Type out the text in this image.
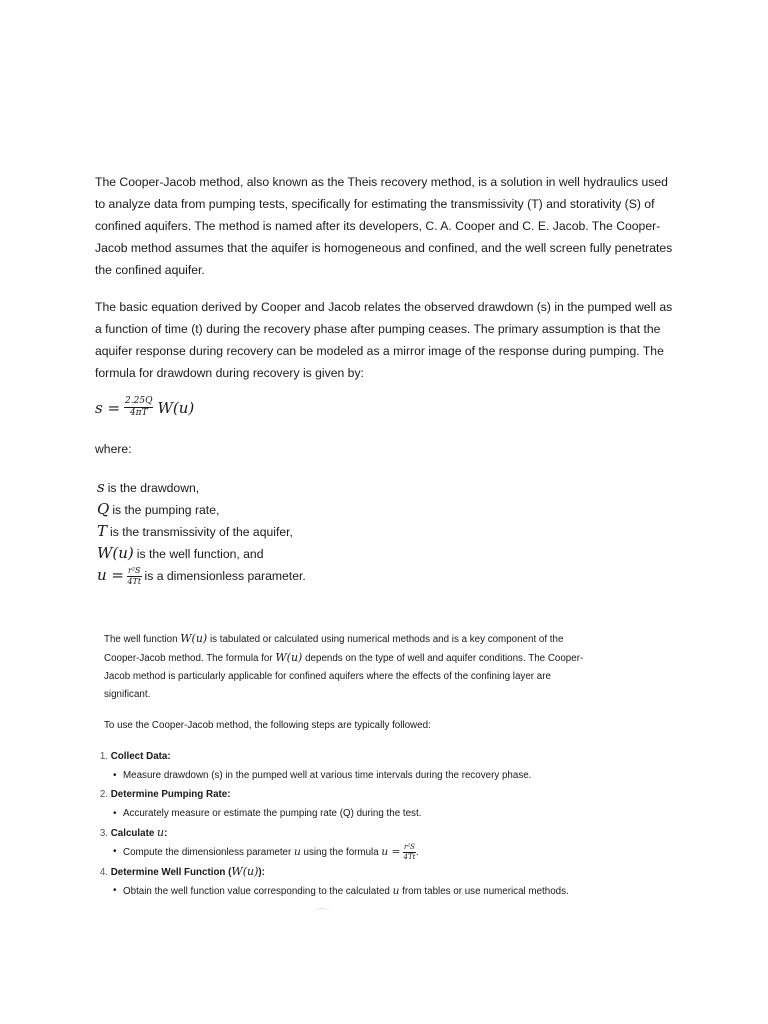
The Cooper-Jacob method, also known as the Theis recovery method, is a solution in well hydraulics used to analyze data from pumping tests, specifically for estimating the transmissivity (T) and storativity (S) of confined aquifers. The method is named after its developers, C. A. Cooper and C. E. Jacob. The Cooper-Jacob method assumes that the aquifer is homogeneous and confined, and the well screen fully penetrates the confined aquifer.

The basic equation derived by Cooper and Jacob relates the observed drawdown (s) in the pumped well as a function of time (t) during the recovery phase after pumping ceases. The primary assumption is that the aquifer response during recovery can be modeled as a mirror image of the response during pumping. The formula for drawdown during recovery is given by:

$s = \frac{2.25Q}{4\pi T} W(u)$
where:
s is the drawdown,
Q is the pumping rate,
T is the transmissivity of the aquifer,
W(u) is the well function, and
$u = \frac{\text{r²S}}{4Tt}$ is a dimensionless parameter.

The well function W(u) is tabulated or calculated using numerical methods and is a key component of the Cooper-Jacob method. The formula for W(u) depends on the type of well and aquifer conditions. The Cooper-Jacob method is particularly applicable for confined aquifers where the effects of the confining layer are significant.

To use the Cooper-Jacob method, the following steps are typically followed:

1. Collect Data:
• Measure drawdown (s) in the pumped well at various time intervals during the recovery phase.
2. Determine Pumping Rate:
• Accurately measure or estimate the pumping rate (Q) during the test.
3. Calculate u:
• Compute the dimensionless parameter u using the formula $u = \frac{\text{r²S}}{4Tt}$ .
4. Determine Well Function (W(u)):
• Obtain the well function value corresponding to the calculated u from tables or use numerical methods.
